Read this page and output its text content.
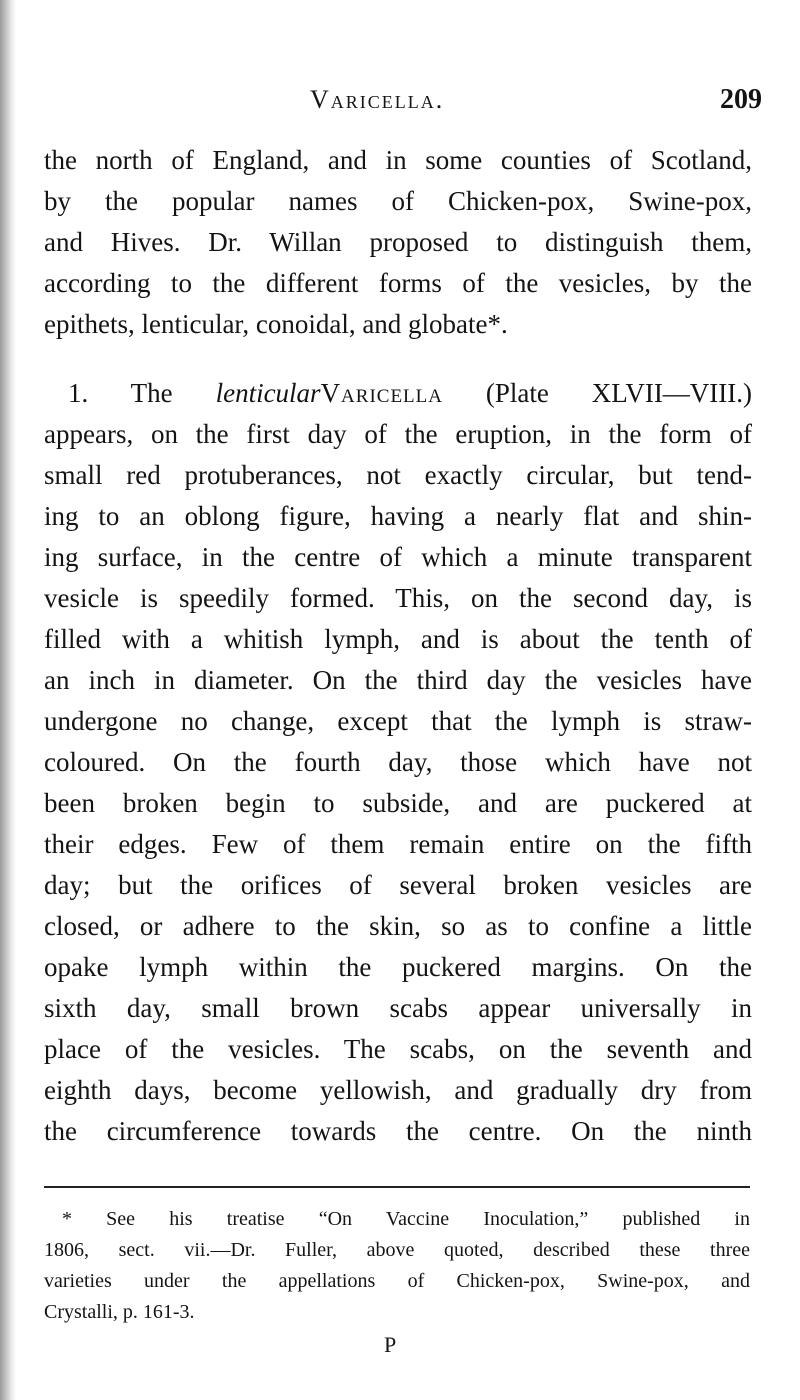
Varicella.	209
the north of England, and in some counties of Scotland,
by the popular names of Chicken-pox, Swine-pox,
and Hives. Dr. Willan proposed to distinguish them,
according to the different forms of the vesicles, by the
epithets, lenticular, conoidal, and globate*.
1. The lenticularVaricella (Plate XLVII—VIII.)
appears, on the first day of the eruption, in the form of
small red protuberances, not exactly circular, but tend-
ing to an oblong figure, having a nearly flat and shin-
ing surface, in the centre of which a minute transparent
vesicle is speedily formed. This, on the second day, is
filled with a whitish lymph, and is about the tenth of
an inch in diameter. On the third day the vesicles have
undergone no change, except that the lymph is straw-
coloured. On the fourth day, those which have not
been broken begin to subside, and are puckered at
their edges. Few of them remain entire on the fifth
day; but the orifices of several broken vesicles are
closed, or adhere to the skin, so as to confine a little
opake lymph within the puckered margins. On the
sixth day, small brown scabs appear universally in
place of the vesicles. The scabs, on the seventh and
eighth days, become yellowish, and gradually dry from
the circumference towards the centre. On the ninth
* See his treatise “On Vaccine Inoculation,” published in
1806, sect. vii.—Dr. Fuller, above quoted, described these three
varieties under the appellations of Chicken-pox, Swine-pox, and
Crystalli, p. 161-3.
P
